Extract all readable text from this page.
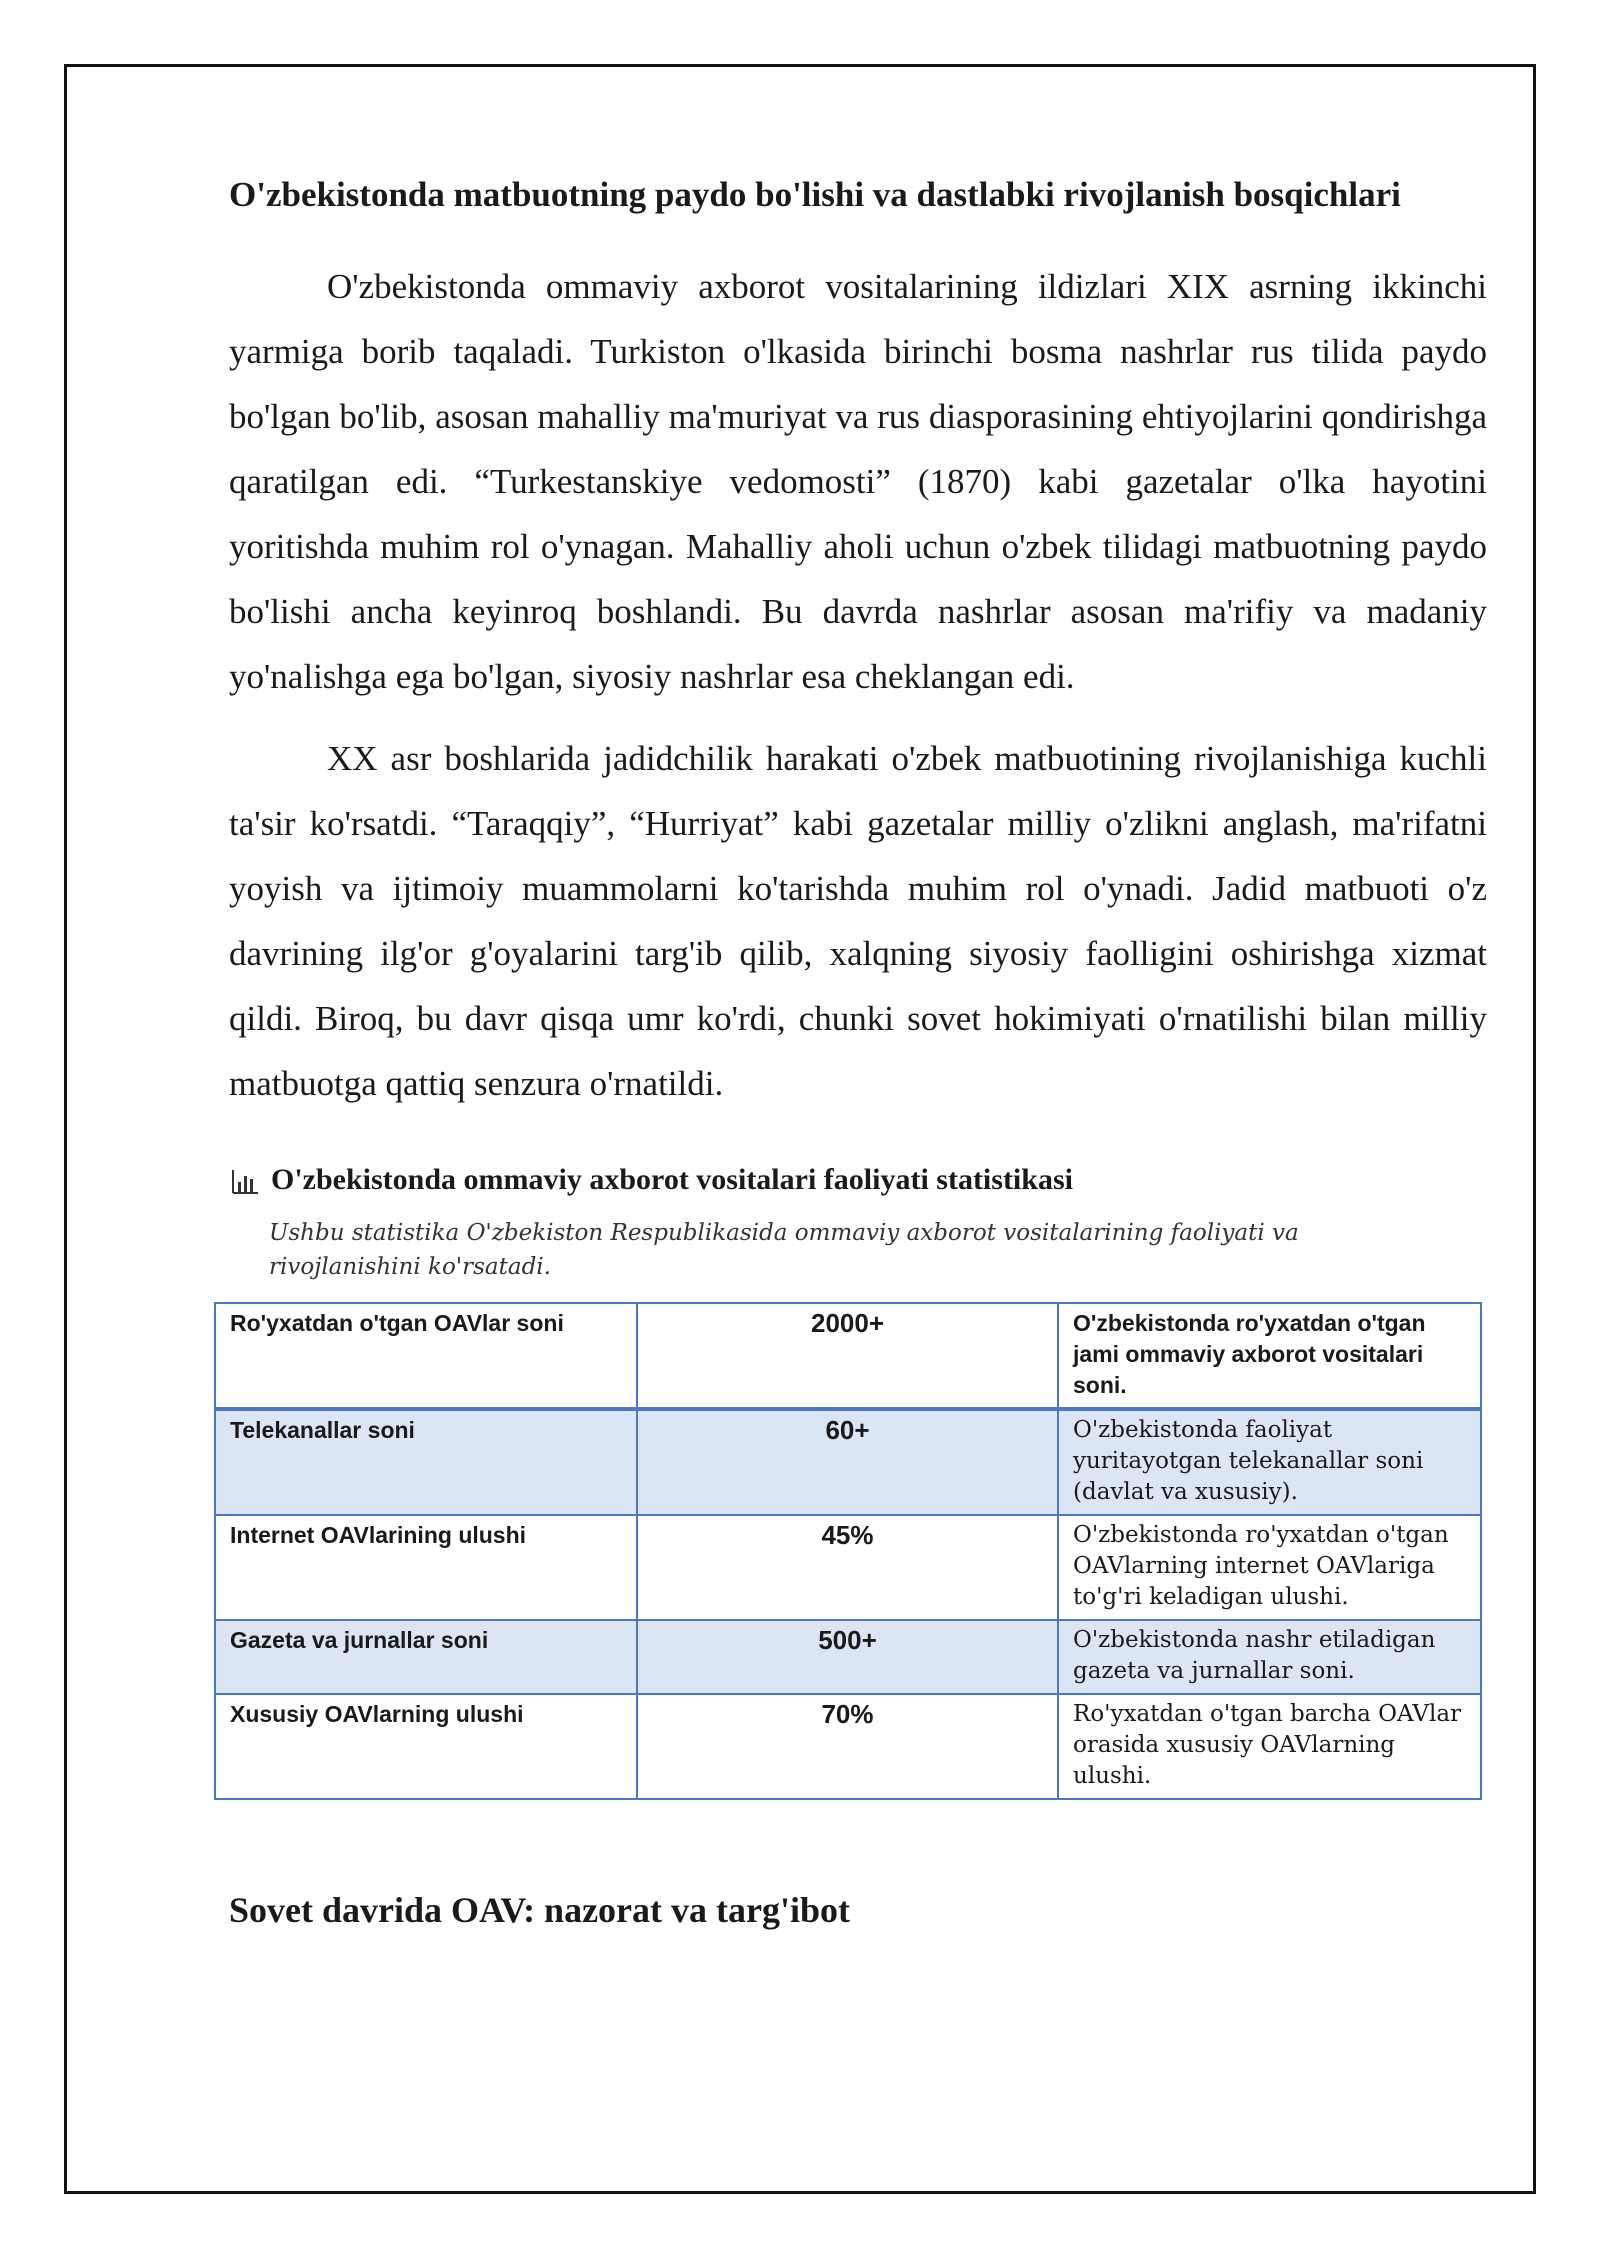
O'zbekistonda matbuotning paydo bo'lishi va dastlabki rivojlanish bosqichlari

O'zbekistonda ommaviy axborot vositalarining ildizlari XIX asrning ikkinchi yarmiga borib taqaladi. Turkiston o'lkasida birinchi bosma nashrlar rus tilida paydo bo'lgan bo'lib, asosan mahalliy ma'muriyat va rus diasporasining ehtiyojlarini qondirishga qaratilgan edi. “Turkestanskiye vedomosti” (1870) kabi gazetalar o'lka hayotini yoritishda muhim rol o'ynagan. Mahalliy aholi uchun o'zbek tilidagi matbuotning paydo bo'lishi ancha keyinroq boshlandi. Bu davrda nashrlar asosan ma'rifiy va madaniy yo'nalishga ega bo'lgan, siyosiy nashrlar esa cheklangan edi.

XX asr boshlarida jadidchilik harakati o'zbek matbuotining rivojlanishiga kuchli ta'sir ko'rsatdi. “Taraqqiy”, “Hurriyat” kabi gazetalar milliy o'zlikni anglash, ma'rifatni yoyish va ijtimoiy muammolarni ko'tarishda muhim rol o'ynadi. Jadid matbuoti o'z davrining ilg'or g'oyalarini targ'ib qilib, xalqning siyosiy faolligini oshirishga xizmat qildi. Biroq, bu davr qisqa umr ko'rdi, chunki sovet hokimiyati o'rnatilishi bilan milliy matbuotga qattiq senzura o'rnatildi.

O'zbekistonda ommaviy axborot vositalari faoliyati statistikasi
Ushbu statistika O'zbekiston Respublikasida ommaviy axborot vositalarining faoliyati va rivojlanishini ko'rsatadi.
Ro'yxatdan o'tgan OAVlar soni	2000+	O'zbekistonda ro'yxatdan o'tgan jami ommaviy axborot vositalari soni.
Telekanallar soni	60+	O'zbekistonda faoliyat yuritayotgan telekanallar soni (davlat va xususiy).
Internet OAVlarining ulushi	45%	O'zbekistonda ro'yxatdan o'tgan OAVlarning internet OAVlariga to'g'ri keladigan ulushi.
Gazeta va jurnallar soni	500+	O'zbekistonda nashr etiladigan gazeta va jurnallar soni.
Xususiy OAVlarning ulushi	70%	Ro'yxatdan o'tgan barcha OAVlar orasida xususiy OAVlarning ulushi.
Sovet davrida OAV: nazorat va targ'ibot
